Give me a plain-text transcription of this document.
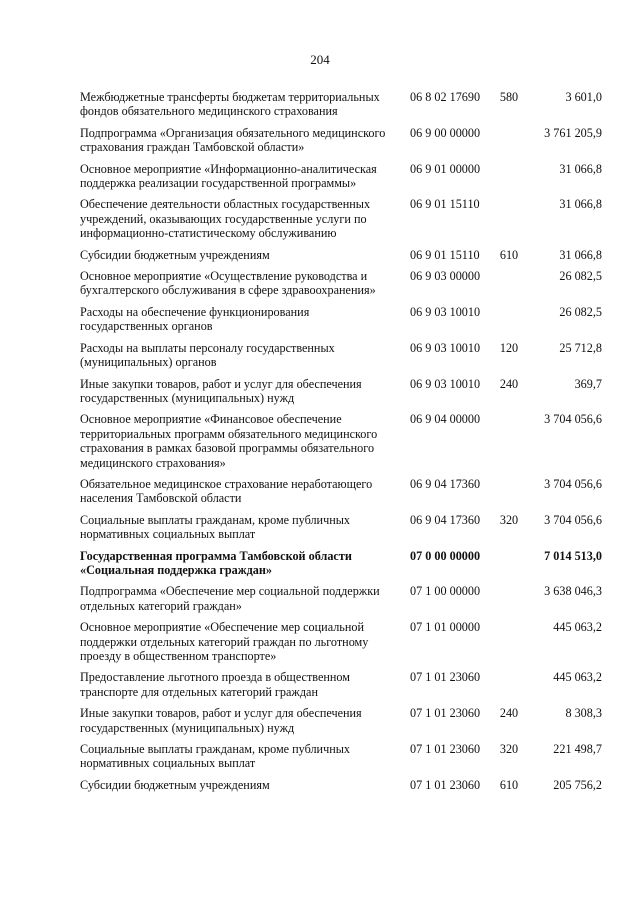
204
Межбюджетные трансферты бюджетам территориальных фондов обязательного медицинского страхования
06 8 02 17690	580	3 601,0
Подпрограмма «Организация обязательного медицинского страхования граждан Тамбовской области»
06 9 00 00000	3 761 205,9
Основное мероприятие «Информационно-аналитическая поддержка реализации государственной программы»
06 9 01 00000	31 066,8
Обеспечение деятельности областных государственных учреждений, оказывающих государственные услуги по информационно-статистическому обслуживанию
06 9 01 15110	31 066,8
Субсидии бюджетным учреждениям	06 9 01 15110	610	31 066,8
Основное мероприятие «Осуществление руководства и бухгалтерского обслуживания в сфере здравоохранения»
06 9 03 00000	26 082,5
Расходы на обеспечение функционирования государственных органов
06 9 03 10010	26 082,5
Расходы на выплаты персоналу государственных (муниципальных) органов
06 9 03 10010	120	25 712,8
Иные закупки товаров, работ и услуг для обеспечения государственных (муниципальных) нужд
06 9 03 10010	240	369,7
Основное мероприятие «Финансовое обеспечение территориальных программ обязательного медицинского страхования в рамках базовой программы обязательного медицинского страхования»
06 9 04 00000	3 704 056,6
Обязательное медицинское страхование неработающего населения Тамбовской области
06 9 04 17360	3 704 056,6
Социальные выплаты гражданам, кроме публичных нормативных социальных выплат
06 9 04 17360	320	3 704 056,6
Государственная программа Тамбовской области «Социальная поддержка граждан»
07 0 00 00000	7 014 513,0
Подпрограмма «Обеспечение мер социальной поддержки отдельных категорий граждан»
07 1 00 00000	3 638 046,3
Основное мероприятие «Обеспечение мер социальной поддержки отдельных категорий граждан по льготному проезду в общественном транспорте»
07 1 01 00000	445 063,2
Предоставление льготного проезда в общественном транспорте для отдельных категорий граждан
07 1 01 23060	445 063,2
Иные закупки товаров, работ и услуг для обеспечения государственных (муниципальных) нужд
07 1 01 23060	240	8 308,3
Социальные выплаты гражданам, кроме публичных нормативных социальных выплат
07 1 01 23060	320	221 498,7
Субсидии бюджетным учреждениям	07 1 01 23060	610	205 756,2
